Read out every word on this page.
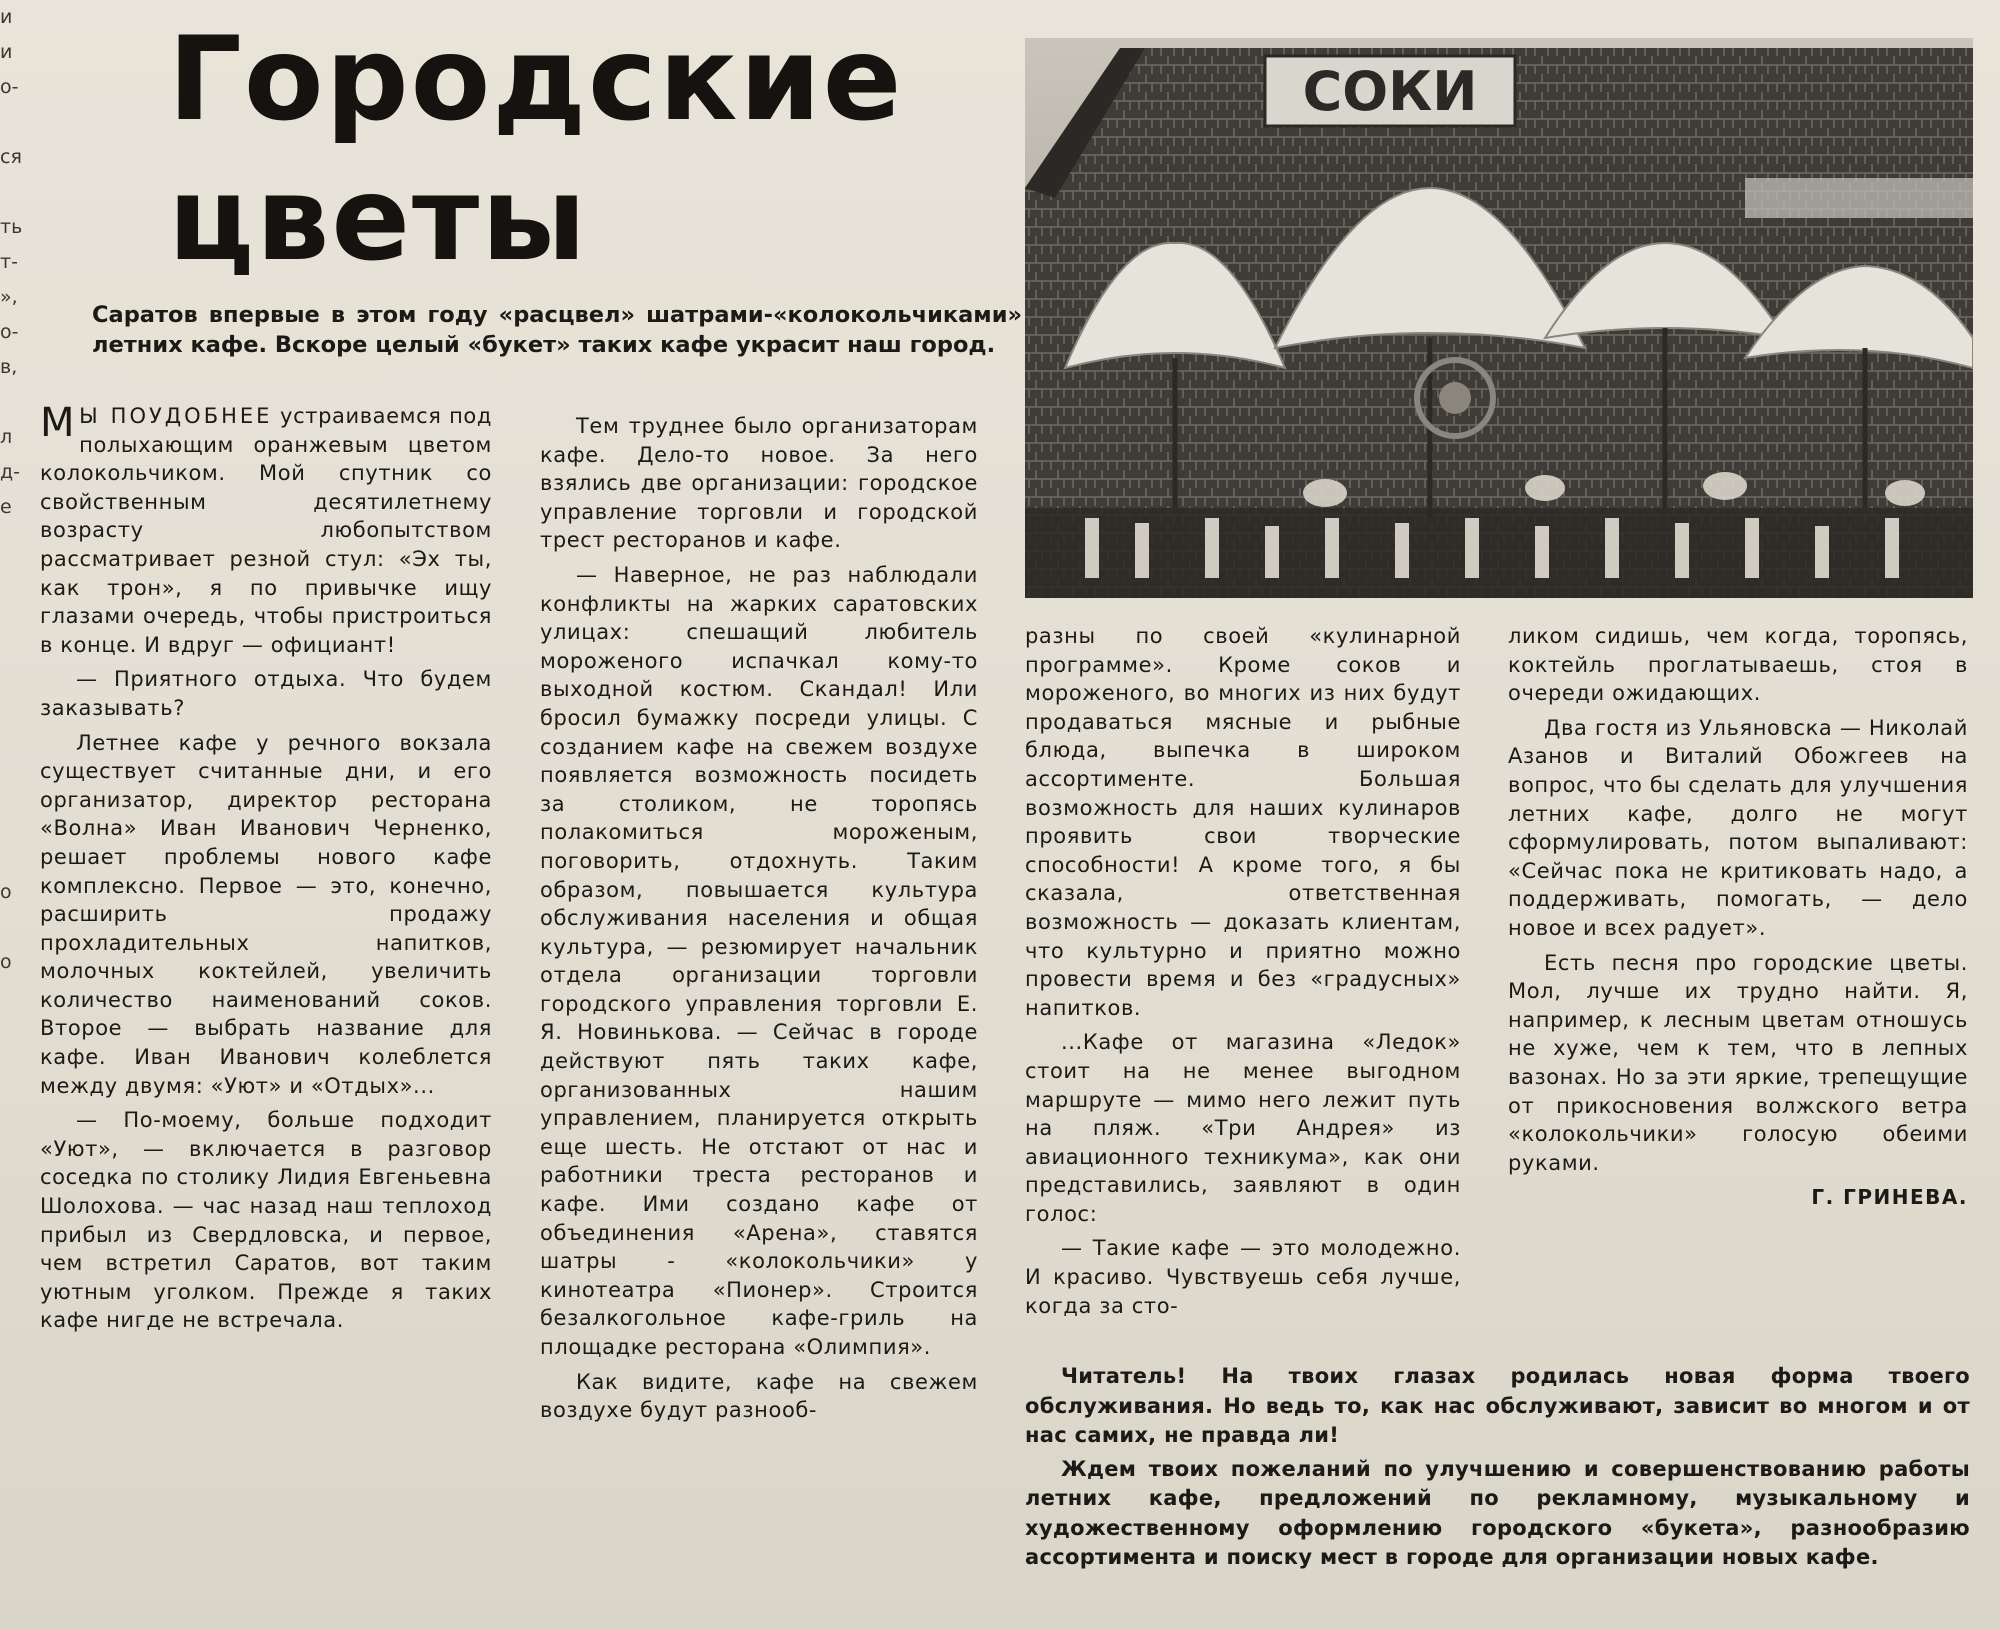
и
и
о-
ся
ть
т-
»,
о-
в,
л
д-
е
о
о
Городские
цветы

Саратов впервые в этом году «расцвел» шатрами-«колокольчиками» летних кафе. Вскоре целый «букет» таких кафе украсит наш город.

М Ы ПОУДОБНЕЕ устраиваемся под полыхающим оранжевым цветом колокольчиком. Мой спутник со свойственным десятилетнему возрасту любопытством рассматривает резной стул: «Эх ты, как трон», я по привычке ищу глазами очередь, чтобы пристроиться в конце. И вдруг — официант!

— Приятного отдыха. Что будем заказывать?

Летнее кафе у речного вокзала существует считанные дни, и его организатор, директор ресторана «Волна» Иван Иванович Черненко, решает проблемы нового кафе комплексно. Первое — это, конечно, расширить продажу прохладительных напитков, молочных коктейлей, увеличить количество наименований соков. Второе — выбрать название для кафе. Иван Иванович колеблется между двумя: «Уют» и «Отдых»...

— По-моему, больше подходит «Уют», — включается в разговор соседка по столику Лидия Евгеньевна Шолохова. — час назад наш теплоход прибыл из Свердловска, и первое, чем встретил Саратов, вот таким уютным уголком. Прежде я таких кафе нигде не встречала.

Тем труднее было организаторам кафе. Дело-то новое. За него взялись две организации: городское управление торговли и городской трест ресторанов и кафе.

— Наверное, не раз наблюдали конфликты на жарких саратовских улицах: спешащий любитель мороженого испачкал кому-то выходной костюм. Скандал! Или бросил бумажку посреди улицы. С созданием кафе на свежем воздухе появляется возможность посидеть за столиком, не торопясь полакомиться мороженым, поговорить, отдохнуть. Таким образом, повышается культура обслуживания населения и общая культура, — резюмирует начальник отдела организации торговли городского управления торговли Е. Я. Новинькова. — Сейчас в городе действуют пять таких кафе, организованных нашим управлением, планируется открыть еще шесть. Не отстают от нас и работники треста ресторанов и кафе. Ими создано кафе от объединения «Арена», ставятся шатры - «колокольчики» у кинотеатра «Пионер». Строится безалкогольное кафе-гриль на площадке ресторана «Олимпия».

Как видите, кафе на свежем воздухе будут разнооб-

СОКИ

разны по своей «кулинарной программе». Кроме соков и мороженого, во многих из них будут продаваться мясные и рыбные блюда, выпечка в широком ассортименте. Большая возможность для наших кулинаров проявить свои творческие способности! А кроме того, я бы сказала, ответственная возможность — доказать клиентам, что культурно и приятно можно провести время и без «градусных» напитков.

...Кафе от магазина «Ледок» стоит на не менее выгодном маршруте — мимо него лежит путь на пляж. «Три Андрея» из авиационного техникума», как они представились, заявляют в один голос:

— Такие кафе — это молодежно. И красиво. Чувствуешь себя лучше, когда за сто-

ликом сидишь, чем когда, торопясь, коктейль проглатываешь, стоя в очереди ожидающих.

Два гостя из Ульяновска — Николай Азанов и Виталий Обожгеев на вопрос, что бы сделать для улучшения летних кафе, долго не могут сформулировать, потом выпаливают: «Сейчас пока не критиковать надо, а поддерживать, помогать, — дело новое и всех радует».

Есть песня про городские цветы. Мол, лучше их трудно найти. Я, например, к лесным цветам отношусь не хуже, чем к тем, что в лепных вазонах. Но за эти яркие, трепещущие от прикосновения волжского ветра «колокольчики» голосую обеими руками.

Г. ГРИНЕВА.

Читатель! На твоих глазах родилась новая форма твоего обслуживания. Но ведь то, как нас обслуживают, зависит во многом и от нас самих, не правда ли!

Ждем твоих пожеланий по улучшению и совершенствованию работы летних кафе, предложений по рекламному, музыкальному и художественному оформлению городского «букета», разнообразию ассортимента и поиску мест в городе для организации новых кафе.
